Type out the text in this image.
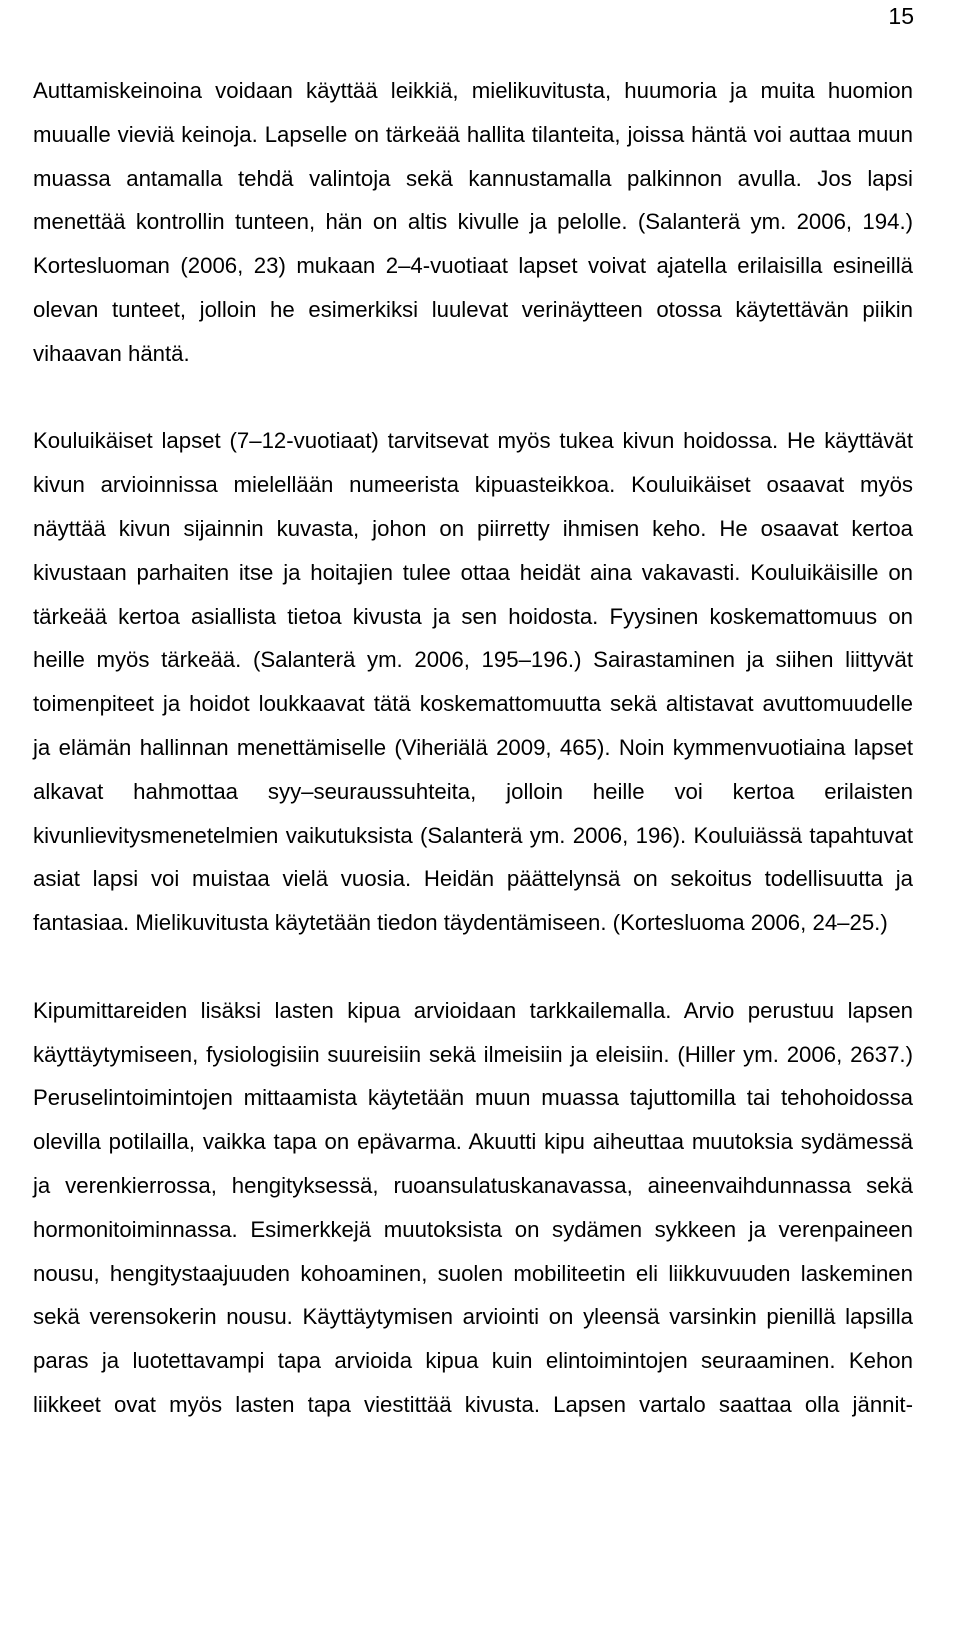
15

Auttamiskeinoina voidaan käyttää leikkiä, mielikuvitusta, huumoria ja muita huomion muualle vieviä keinoja. Lapselle on tärkeää hallita tilanteita, joissa häntä voi auttaa muun muassa antamalla tehdä valintoja sekä kannustamalla palkinnon avulla. Jos lapsi menettää kontrollin tunteen, hän on altis kivulle ja pelolle. (Salanterä ym. 2006, 194.) Kortesluoman (2006, 23) mukaan 2–4-vuotiaat lapset voivat ajatella erilaisilla esineillä olevan tunteet, jolloin he esimerkiksi luulevat verinäytteen otossa käytettävän piikin vihaavan häntä.

Kouluikäiset lapset (7–12-vuotiaat) tarvitsevat myös tukea kivun hoidossa. He käyttävät kivun arvioinnissa mielellään numeerista kipuasteikkoa. Kouluikäiset osaavat myös näyttää kivun sijainnin kuvasta, johon on piirretty ihmisen keho. He osaavat kertoa kivustaan parhaiten itse ja hoitajien tulee ottaa heidät aina vakavasti. Kouluikäisille on tärkeää kertoa asiallista tietoa kivusta ja sen hoidosta. Fyysinen koskemattomuus on heille myös tärkeää. (Salanterä ym. 2006, 195–196.) Sairastaminen ja siihen liittyvät toimenpiteet ja hoidot loukkaavat tätä koskemattomuutta sekä altistavat avuttomuudelle ja elämän hallinnan menettämiselle (Viheriälä 2009, 465). Noin kymmenvuotiaina lapset alkavat hahmottaa syy–seuraussuhteita, jolloin heille voi kertoa erilaisten kivunlievitysmenetelmien vaikutuksista (Salanterä ym. 2006, 196). Kouluiässä tapahtuvat asiat lapsi voi muistaa vielä vuosia. Heidän päättelynsä on sekoitus todellisuutta ja fantasiaa. Mielikuvitusta käytetään tiedon täydentämiseen. (Kortesluoma 2006, 24–25.)

Kipumittareiden lisäksi lasten kipua arvioidaan tarkkailemalla. Arvio perustuu lapsen käyttäytymiseen, fysiologisiin suureisiin sekä ilmeisiin ja eleisiin. (Hiller ym. 2006, 2637.) Peruselintoimintojen mittaamista käytetään muun muassa tajuttomilla tai tehohoidossa olevilla potilailla, vaikka tapa on epävarma. Akuutti kipu aiheuttaa muutoksia sydämessä ja verenkierrossa, hengityksessä, ruoansulatuskanavassa, aineenvaihdunnassa sekä hormonitoiminnassa. Esimerkkejä muutoksista on sydämen sykkeen ja verenpaineen nousu, hengitystaajuuden kohoaminen, suolen mobiliteetin eli liikkuvuuden laskeminen sekä verensokerin nousu. Käyttäytymisen arviointi on yleensä varsinkin pienillä lapsilla paras ja luotettavampi tapa arvioida kipua kuin elintoimintojen seuraaminen. Kehon liikkeet ovat myös lasten tapa viestittää kivusta. Lapsen vartalo saattaa olla jännit-
